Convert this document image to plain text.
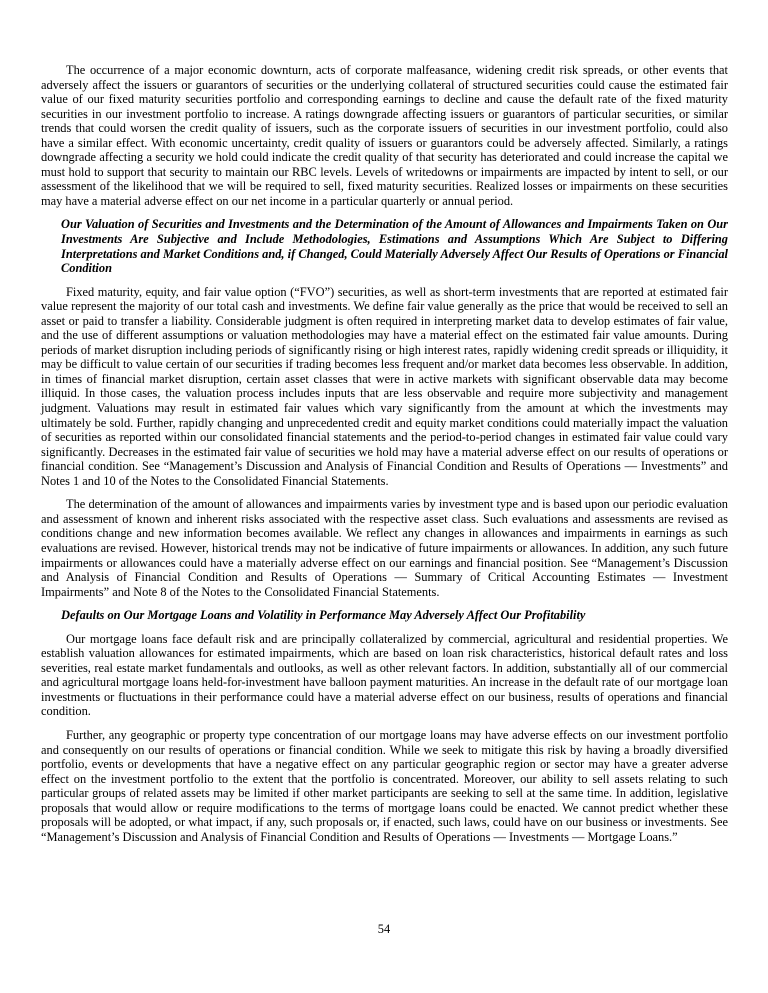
The occurrence of a major economic downturn, acts of corporate malfeasance, widening credit risk spreads, or other events that adversely affect the issuers or guarantors of securities or the underlying collateral of structured securities could cause the estimated fair value of our fixed maturity securities portfolio and corresponding earnings to decline and cause the default rate of the fixed maturity securities in our investment portfolio to increase. A ratings downgrade affecting issuers or guarantors of particular securities, or similar trends that could worsen the credit quality of issuers, such as the corporate issuers of securities in our investment portfolio, could also have a similar effect. With economic uncertainty, credit quality of issuers or guarantors could be adversely affected. Similarly, a ratings downgrade affecting a security we hold could indicate the credit quality of that security has deteriorated and could increase the capital we must hold to support that security to maintain our RBC levels. Levels of writedowns or impairments are impacted by intent to sell, or our assessment of the likelihood that we will be required to sell, fixed maturity securities. Realized losses or impairments on these securities may have a material adverse effect on our net income in a particular quarterly or annual period.

Our Valuation of Securities and Investments and the Determination of the Amount of Allowances and Impairments Taken on Our Investments Are Subjective and Include Methodologies, Estimations and Assumptions Which Are Subject to Differing Interpretations and Market Conditions and, if Changed, Could Materially Adversely Affect Our Results of Operations or Financial Condition

Fixed maturity, equity, and fair value option (“FVO”) securities, as well as short-term investments that are reported at estimated fair value represent the majority of our total cash and investments. We define fair value generally as the price that would be received to sell an asset or paid to transfer a liability. Considerable judgment is often required in interpreting market data to develop estimates of fair value, and the use of different assumptions or valuation methodologies may have a material effect on the estimated fair value amounts. During periods of market disruption including periods of significantly rising or high interest rates, rapidly widening credit spreads or illiquidity, it may be difficult to value certain of our securities if trading becomes less frequent and/or market data becomes less observable. In addition, in times of financial market disruption, certain asset classes that were in active markets with significant observable data may become illiquid. In those cases, the valuation process includes inputs that are less observable and require more subjectivity and management judgment. Valuations may result in estimated fair values which vary significantly from the amount at which the investments may ultimately be sold. Further, rapidly changing and unprecedented credit and equity market conditions could materially impact the valuation of securities as reported within our consolidated financial statements and the period-to-period changes in estimated fair value could vary significantly. Decreases in the estimated fair value of securities we hold may have a material adverse effect on our results of operations or financial condition. See “Management’s Discussion and Analysis of Financial Condition and Results of Operations — Investments” and Notes 1 and 10 of the Notes to the Consolidated Financial Statements.

The determination of the amount of allowances and impairments varies by investment type and is based upon our periodic evaluation and assessment of known and inherent risks associated with the respective asset class. Such evaluations and assessments are revised as conditions change and new information becomes available. We reflect any changes in allowances and impairments in earnings as such evaluations are revised. However, historical trends may not be indicative of future impairments or allowances. In addition, any such future impairments or allowances could have a materially adverse effect on our earnings and financial position. See “Management’s Discussion and Analysis of Financial Condition and Results of Operations — Summary of Critical Accounting Estimates — Investment Impairments” and Note 8 of the Notes to the Consolidated Financial Statements.

Defaults on Our Mortgage Loans and Volatility in Performance May Adversely Affect Our Profitability

Our mortgage loans face default risk and are principally collateralized by commercial, agricultural and residential properties. We establish valuation allowances for estimated impairments, which are based on loan risk characteristics, historical default rates and loss severities, real estate market fundamentals and outlooks, as well as other relevant factors. In addition, substantially all of our commercial and agricultural mortgage loans held-for-investment have balloon payment maturities. An increase in the default rate of our mortgage loan investments or fluctuations in their performance could have a material adverse effect on our business, results of operations and financial condition.

Further, any geographic or property type concentration of our mortgage loans may have adverse effects on our investment portfolio and consequently on our results of operations or financial condition. While we seek to mitigate this risk by having a broadly diversified portfolio, events or developments that have a negative effect on any particular geographic region or sector may have a greater adverse effect on the investment portfolio to the extent that the portfolio is concentrated. Moreover, our ability to sell assets relating to such particular groups of related assets may be limited if other market participants are seeking to sell at the same time. In addition, legislative proposals that would allow or require modifications to the terms of mortgage loans could be enacted. We cannot predict whether these proposals will be adopted, or what impact, if any, such proposals or, if enacted, such laws, could have on our business or investments. See “Management’s Discussion and Analysis of Financial Condition and Results of Operations — Investments — Mortgage Loans.”

54
